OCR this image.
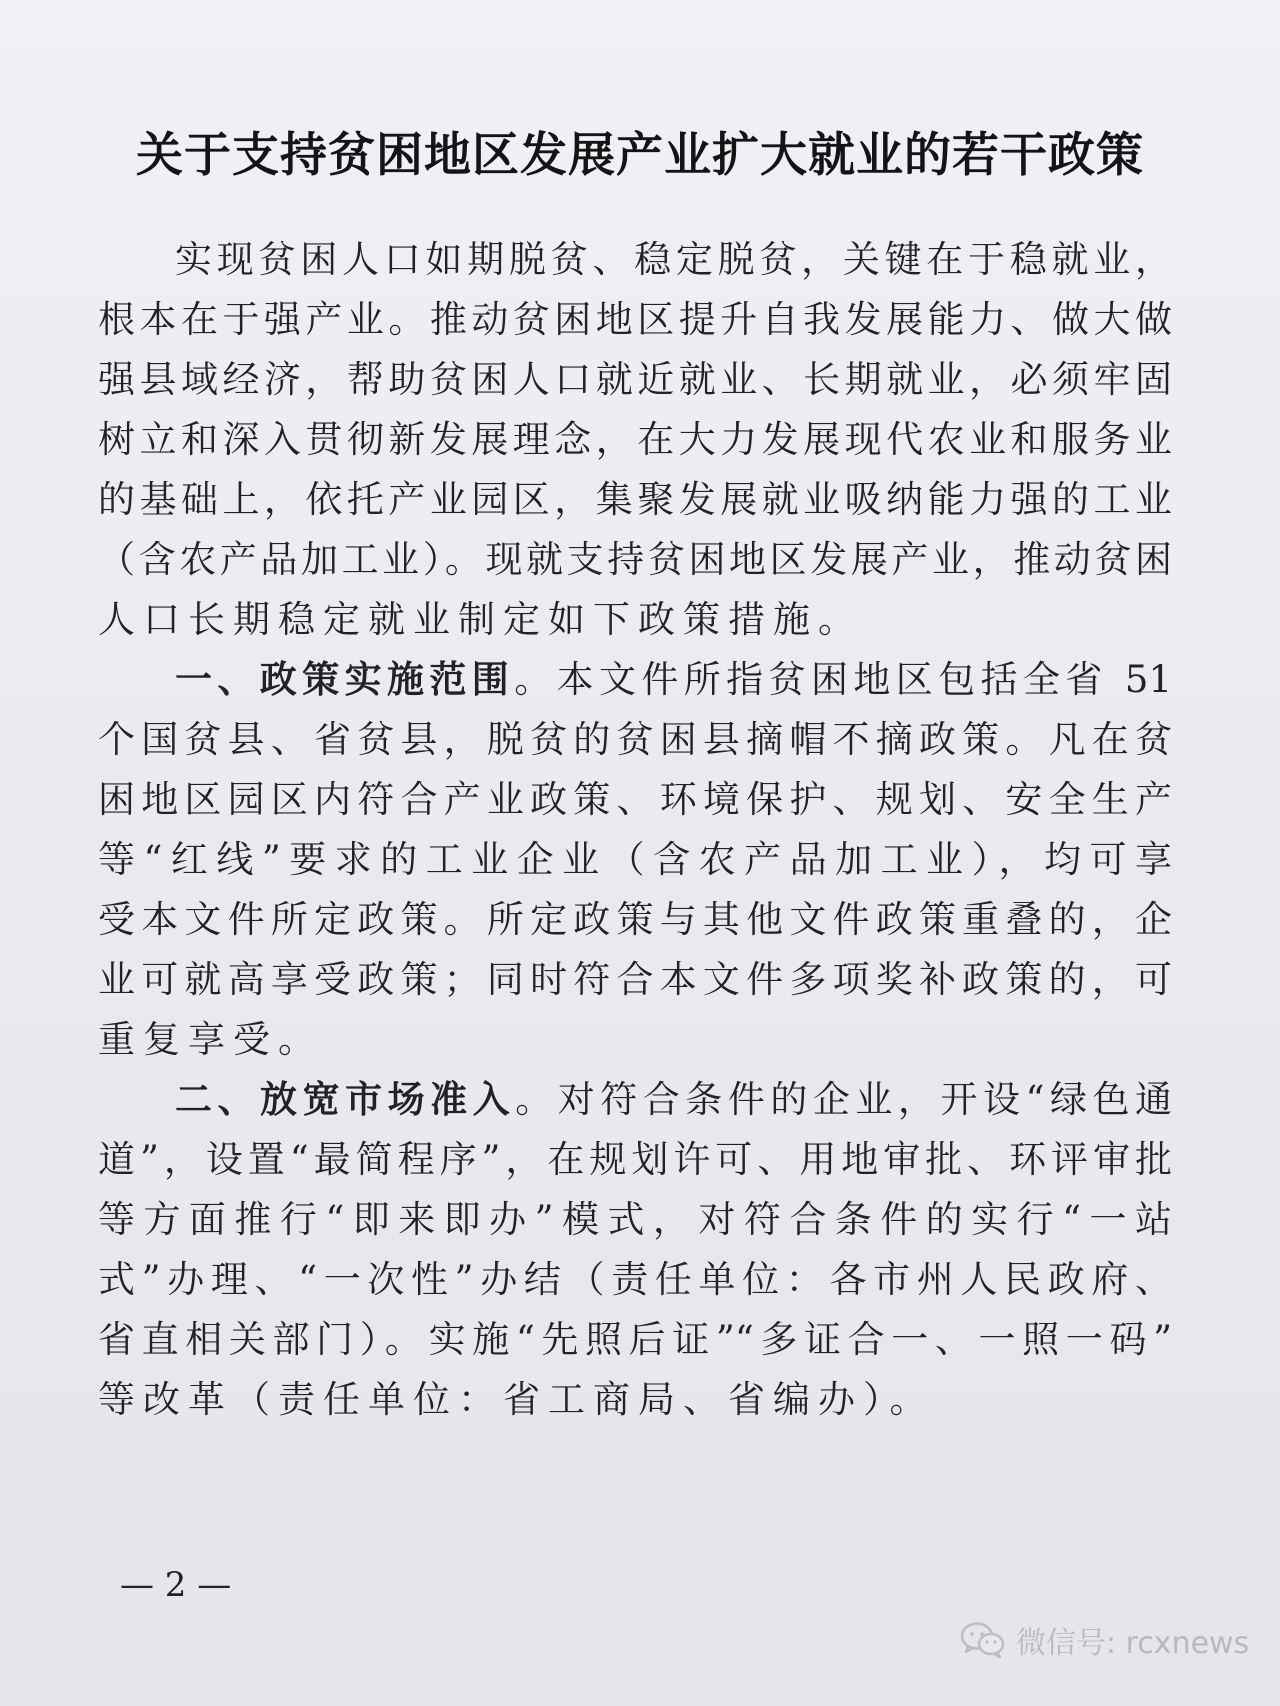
关于支持贫困地区发展产业扩大就业的若干政策
实现贫困人口如期脱贫、稳定脱贫，关键在于稳就业，
根本在于强产业。推动贫困地区提升自我发展能力、做大做
强县域经济，帮助贫困人口就近就业、长期就业，必须牢固
树立和深入贯彻新发展理念，在大力发展现代农业和服务业
的基础上，依托产业园区，集聚发展就业吸纳能力强的工业
（含农产品加工业）。现就支持贫困地区发展产业，推动贫困
人口长期稳定就业制定如下政策措施。
一、政策实施范围。本文件所指贫困地区包括全省 51
个国贫县、省贫县，脱贫的贫困县摘帽不摘政策。凡在贫
困地区园区内符合产业政策、环境保护、规划、安全生产
等“红线”要求的工业企业（含农产品加工业），均可享
受本文件所定政策。所定政策与其他文件政策重叠的，企
业可就高享受政策；同时符合本文件多项奖补政策的，可
重复享受。
二、放宽市场准入。对符合条件的企业，开设“绿色通
道”，设置“最简程序”，在规划许可、用地审批、环评审批
等方面推行“即来即办”模式，对符合条件的实行“一站
式”办理、“一次性”办结（责任单位：各市州人民政府、
省直相关部门）。实施“先照后证”“多证合一、一照一码”
等改革（责任单位：省工商局、省编办）。
— 2 —
微信号: rcxnews
